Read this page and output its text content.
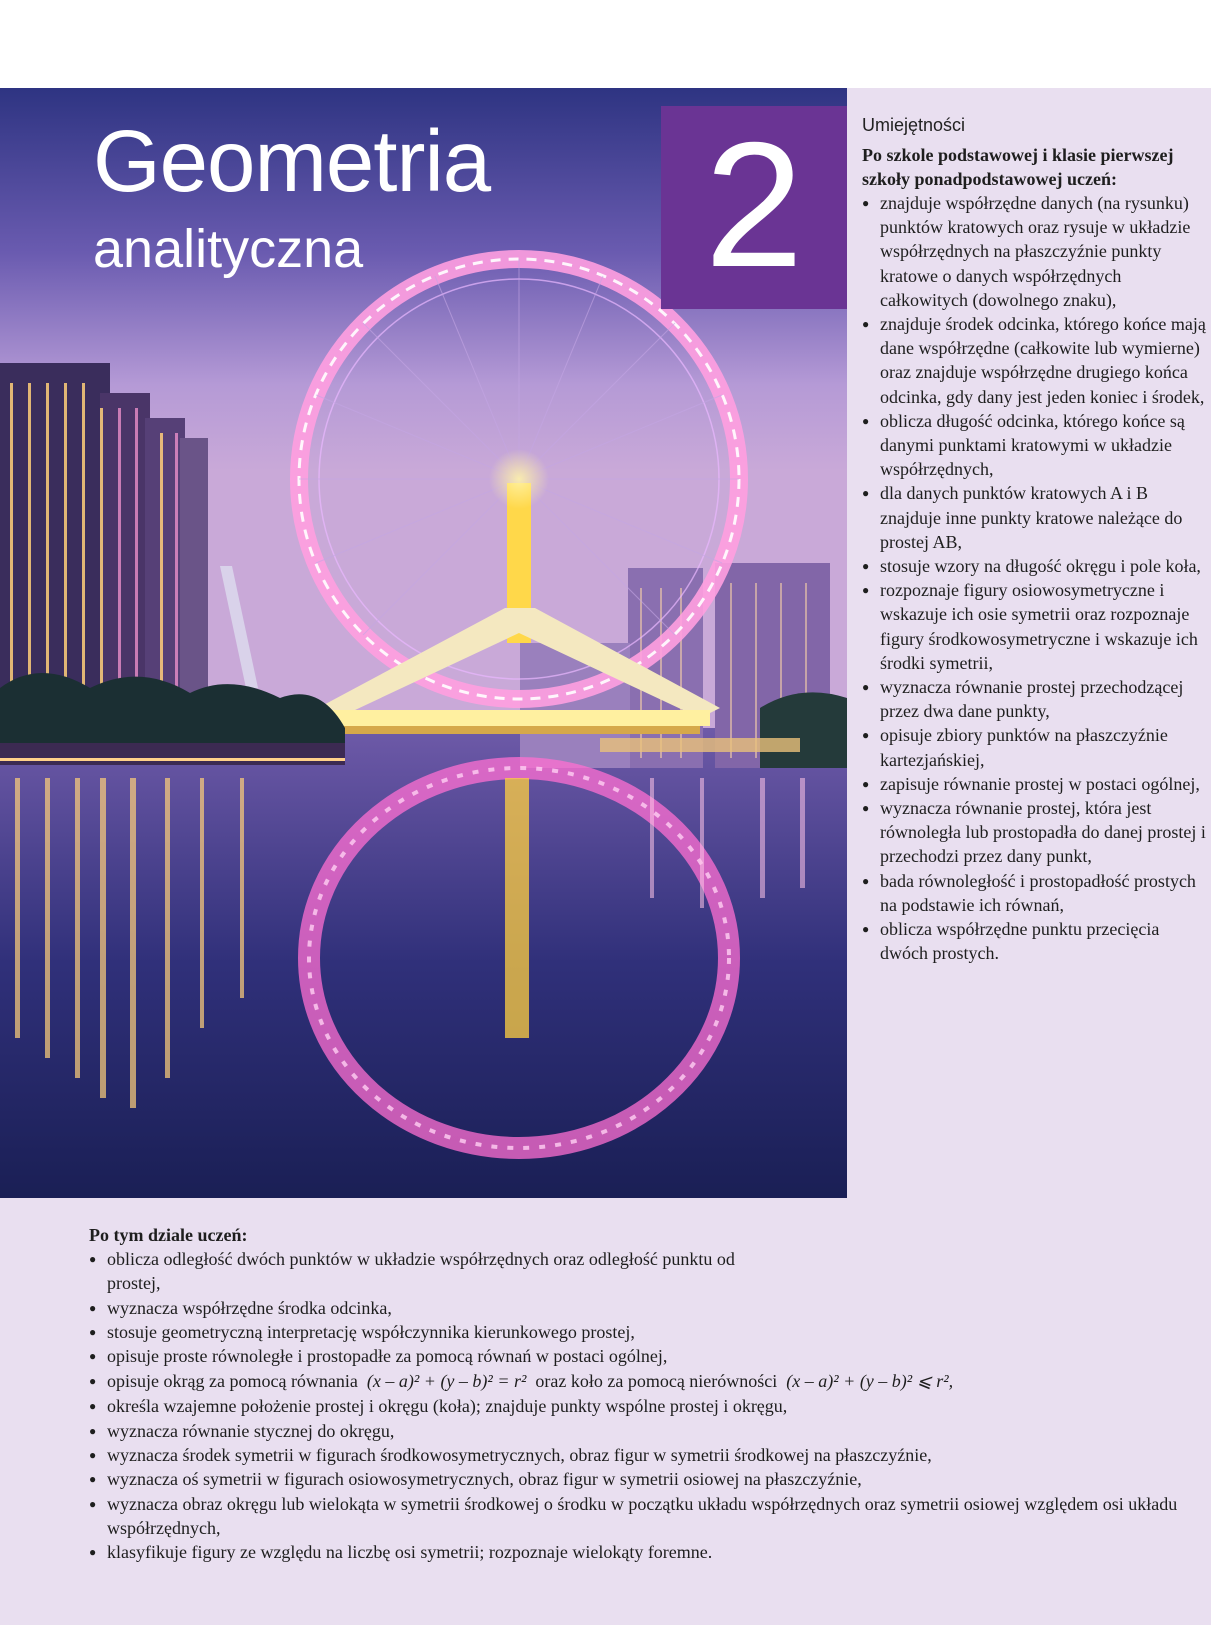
Geometria
analityczna 2	Umiejętności

Po szkole podstawowej i klasie pierwszej szkoły ponadpodstawowej uczeń:

● znajduje współrzędne danych (na rysunku) punktów kratowych oraz rysuje w układzie współrzędnych na płaszczyźnie punkty kratowe o danych współrzędnych całkowitych (dowolnego znaku),
● znajduje środek odcinka, którego końce mają dane współrzędne (całkowite lub wymierne) oraz znajduje współrzędne drugiego końca odcinka, gdy dany jest jeden koniec i środek,
● oblicza długość odcinka, którego końce są danymi punktami kratowymi w układzie współrzędnych,
● dla danych punktów kratowych A i B znajduje inne punkty kratowe należące do prostej AB,
● stosuje wzory na długość okręgu i pole koła,
● rozpoznaje figury osiowosymetryczne i wskazuje ich osie symetrii oraz rozpoznaje figury środkowosymetryczne i wskazuje ich środki symetrii,
● wyznacza równanie prostej przechodzącej przez dwa dane punkty,
● opisuje zbiory punktów na płaszczyźnie kartezjańskiej,
● zapisuje równanie prostej w postaci ogólnej,
● wyznacza równanie prostej, która jest równoległa lub prostopadła do danej prostej i przechodzi przez dany punkt,
● bada równoległość i prostopadłość prostych na podstawie ich równań,
● oblicza współrzędne punktu przecięcia dwóch prostych.

Po tym dziale uczeń:

● oblicza odległość dwóch punktów w układzie współrzędnych oraz odległość punktu od prostej,
● wyznacza współrzędne środka odcinka,
● stosuje geometryczną interpretację współczynnika kierunkowego prostej,
● opisuje proste równoległe i prostopadłe za pomocą równań w postaci ogólnej,
● opisuje okrąg za pomocą równania (x – a)² + (y – b)² = r² oraz koło za pomocą nierówności (x – a)² + (y – b)² ⩽ r²,
● określa wzajemne położenie prostej i okręgu (koła); znajduje punkty wspólne prostej i okręgu,
● wyznacza równanie stycznej do okręgu,
● wyznacza środek symetrii w figurach środkowosymetrycznych, obraz figur w symetrii środkowej na płaszczyźnie,
● wyznacza oś symetrii w figurach osiowosymetrycznych, obraz figur w symetrii osiowej na płaszczyźnie,
● wyznacza obraz okręgu lub wielokąta w symetrii środkowej o środku w początku układu współrzędnych oraz symetrii osiowej względem osi układu współrzędnych,
● klasyfikuje figury ze względu na liczbę osi symetrii; rozpoznaje wielokąty foremne.
